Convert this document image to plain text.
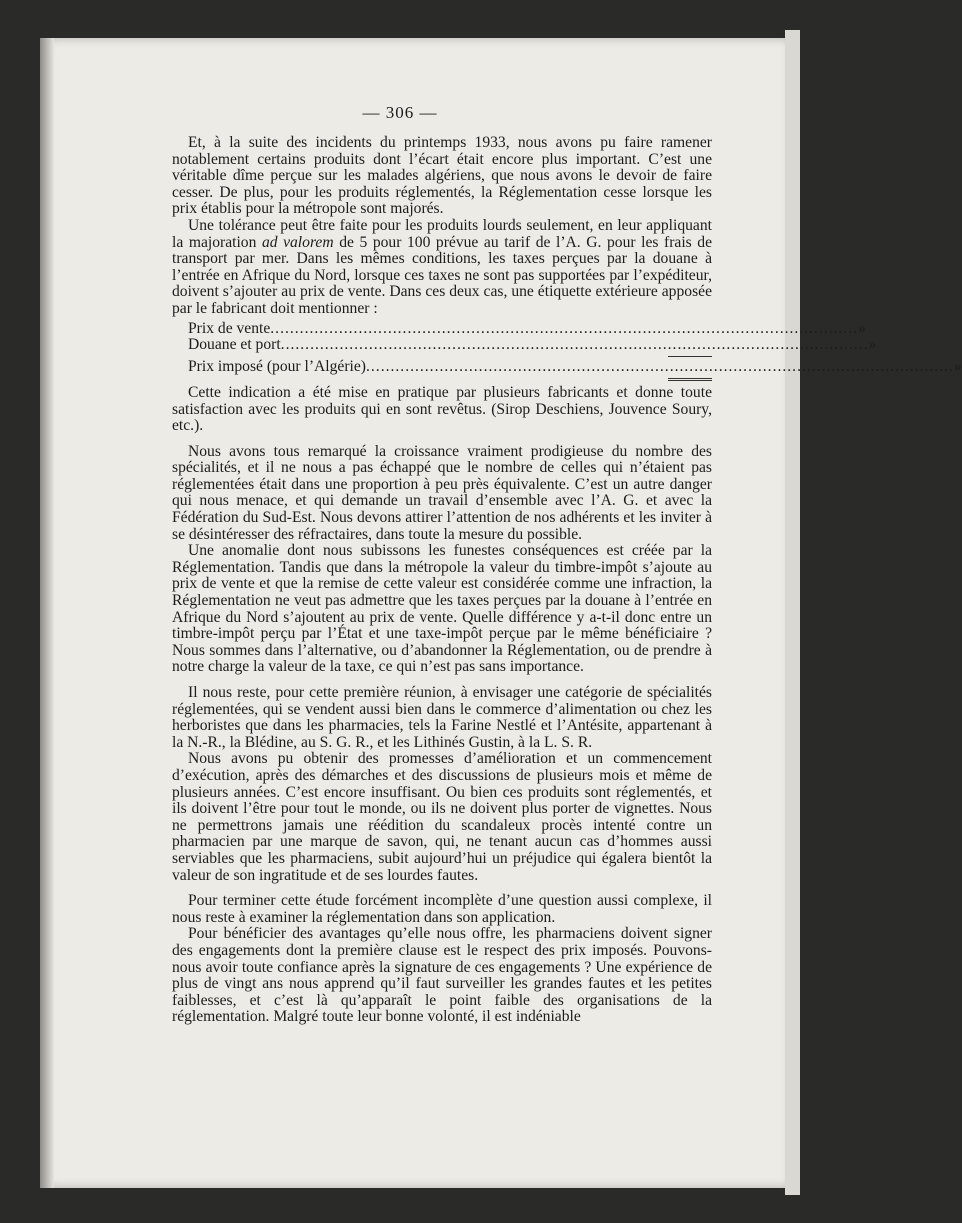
— 306 —

Et, à la suite des incidents du printemps 1933, nous avons pu faire ramener notablement certains produits dont l’écart était encore plus important. C’est une véritable dîme perçue sur les malades algériens, que nous avons le devoir de faire cesser. De plus, pour les produits réglementés, la Réglementation cesse lorsque les prix établis pour la métropole sont majorés.

Une tolérance peut être faite pour les produits lourds seulement, en leur appliquant la majoration ad valorem de 5 pour 100 prévue au tarif de l’A. G. pour les frais de transport par mer. Dans les mêmes conditions, les taxes perçues par la douane à l’entrée en Afrique du Nord, lorsque ces taxes ne sont pas supportées par l’expéditeur, doivent s’ajouter au prix de vente. Dans ces deux cas, une étiquette extérieure apposée par le fabricant doit mentionner :

Prix de vente ........................................................................................................................ »
Douane et port ........................................................................................................................ »
Prix imposé (pour l’Algérie) ........................................................................................................................ »

Cette indication a été mise en pratique par plusieurs fabricants et donne toute satisfaction avec les produits qui en sont revêtus. (Sirop Deschiens, Jouvence Soury, etc.).

Nous avons tous remarqué la croissance vraiment prodigieuse du nombre des spécialités, et il ne nous a pas échappé que le nombre de celles qui n’étaient pas réglementées était dans une proportion à peu près équivalente. C’est un autre danger qui nous menace, et qui demande un travail d’ensemble avec l’A. G. et avec la Fédération du Sud-Est. Nous devons attirer l’attention de nos adhérents et les inviter à se désintéresser des réfractaires, dans toute la mesure du possible.

Une anomalie dont nous subissons les funestes conséquences est créée par la Réglementation. Tandis que dans la métropole la valeur du timbre-impôt s’ajoute au prix de vente et que la remise de cette valeur est considérée comme une infraction, la Réglementation ne veut pas admettre que les taxes perçues par la douane à l’entrée en Afrique du Nord s’ajoutent au prix de vente. Quelle différence y a-t-il donc entre un timbre-impôt perçu par l’État et une taxe-impôt perçue par le même bénéficiaire ? Nous sommes dans l’alternative, ou d’abandonner la Réglementation, ou de prendre à notre charge la valeur de la taxe, ce qui n’est pas sans importance.

Il nous reste, pour cette première réunion, à envisager une catégorie de spécialités réglementées, qui se vendent aussi bien dans le commerce d’alimentation ou chez les herboristes que dans les pharmacies, tels la Farine Nestlé et l’Antésite, appartenant à la N.-R., la Blédine, au S. G. R., et les Lithinés Gustin, à la L. S. R.

Nous avons pu obtenir des promesses d’amélioration et un commencement d’exécution, après des démarches et des discussions de plusieurs mois et même de plusieurs années. C’est encore insuffisant. Ou bien ces produits sont réglementés, et ils doivent l’être pour tout le monde, ou ils ne doivent plus porter de vignettes. Nous ne permettrons jamais une réédition du scandaleux procès intenté contre un pharmacien par une marque de savon, qui, ne tenant aucun cas d’hommes aussi serviables que les pharmaciens, subit aujourd’hui un préjudice qui égalera bientôt la valeur de son ingratitude et de ses lourdes fautes.

Pour terminer cette étude forcément incomplète d’une question aussi complexe, il nous reste à examiner la réglementation dans son application.

Pour bénéficier des avantages qu’elle nous offre, les pharmaciens doivent signer des engagements dont la première clause est le respect des prix imposés. Pouvons-nous avoir toute confiance après la signature de ces engagements ? Une expérience de plus de vingt ans nous apprend qu’il faut surveiller les grandes fautes et les petites faiblesses, et c’est là qu’apparaît le point faible des organisations de la réglementation. Malgré toute leur bonne volonté, il est indéniable
